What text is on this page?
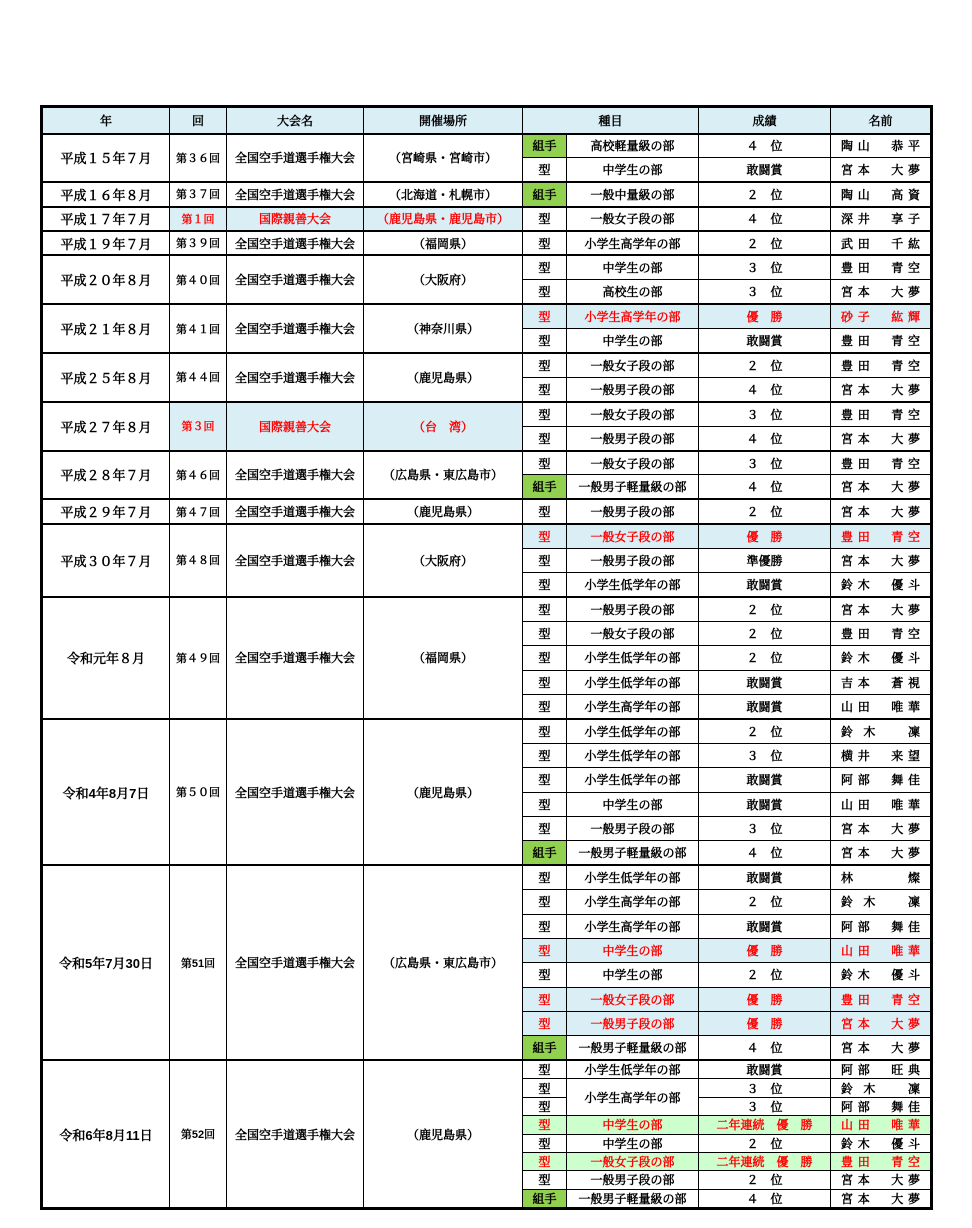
年	回	大会名	開催場所	種目		成績	名前
平成１５年７月	第３６回	全国空手道選手権大会	（宮崎県・宮崎市）	組手	高校軽量級の部	４　位	陶山　恭平
				型	中学生の部	敢闘賞	宮本　大夢
平成１６年８月	第３７回	全国空手道選手権大会	（北海道・札幌市）	組手	一般中量級の部	２　位	陶山　高資
平成１７年７月	第１回	国際親善大会	（鹿児島県・鹿児島市）	型	一般女子段の部	４　位	深井　享子
平成１９年７月	第３９回	全国空手道選手権大会	（福岡県）	型	小学生高学年の部	２　位	武田　千紘
平成２０年８月	第４０回	全国空手道選手権大会	（大阪府）	型	中学生の部	３　位	豊田　青空
				型	高校生の部	３　位	宮本　大夢
平成２１年８月	第４１回	全国空手道選手権大会	（神奈川県）	型	小学生高学年の部	優　勝	砂子　紘輝
				型	中学生の部	敢闘賞	豊田　青空
平成２５年８月	第４４回	全国空手道選手権大会	（鹿児島県）	型	一般女子段の部	２　位	豊田　青空
				型	一般男子段の部	４　位	宮本　大夢
平成２７年８月	第３回	国際親善大会	（台　湾）	型	一般女子段の部	３　位	豊田　青空
				型	一般男子段の部	４　位	宮本　大夢
平成２８年７月	第４６回	全国空手道選手権大会	（広島県・東広島市）	型	一般女子段の部	３　位	豊田　青空
				組手	一般男子軽量級の部	４　位	宮本　大夢
平成２９年７月	第４７回	全国空手道選手権大会	（鹿児島県）	型	一般男子段の部	２　位	宮本　大夢
平成３０年７月	第４８回	全国空手道選手権大会	（大阪府）	型	一般女子段の部	優　勝	豊田　青空
				型	一般男子段の部	準優勝	宮本　大夢
				型	小学生低学年の部	敢闘賞	鈴木　優斗
令和元年８月	第４９回	全国空手道選手権大会	（福岡県）	型	一般男子段の部	２　位	宮本　大夢
				型	一般女子段の部	２　位	豊田　青空
				型	小学生低学年の部	２　位	鈴木　優斗
				型	小学生低学年の部	敢闘賞	吉本　蒼視
				型	小学生高学年の部	敢闘賞	山田　唯華
令和4年8月7日	第５０回	全国空手道選手権大会	（鹿児島県）	型	小学生低学年の部	２　位	鈴木　凜
				型	小学生低学年の部	３　位	横井　来望
				型	小学生低学年の部	敢闘賞	阿部　舞佳
				型	中学生の部	敢闘賞	山田　唯華
				型	一般男子段の部	３　位	宮本　大夢
				組手	一般男子軽量級の部	４　位	宮本　大夢
令和5年7月30日	第51回	全国空手道選手権大会	（広島県・東広島市）	型	小学生低学年の部	敢闘賞	林　燦
				型	小学生高学年の部	２　位	鈴木　凜
				型	小学生高学年の部	敢闘賞	阿部　舞佳
				型	中学生の部	優　勝	山田　唯華
				型	中学生の部	２　位	鈴木　優斗
				型	一般女子段の部	優　勝	豊田　青空
				型	一般男子段の部	優　勝	宮本　大夢
				組手	一般男子軽量級の部	４　位	宮本　大夢
令和6年8月11日	第52回	全国空手道選手権大会	（鹿児島県）	型	小学生低学年の部	敢闘賞	阿部　旺典
				型	小学生高学年の部	３　位	鈴木　凜
				型		３　位	阿部　舞佳
				型	中学生の部	二年連続　優　勝	山田　唯華
				型	中学生の部	２　位	鈴木　優斗
				型	一般女子段の部	二年連続　優　勝	豊田　青空
				型	一般男子段の部	２　位	宮本　大夢
				組手	一般男子軽量級の部	４　位	宮本　大夢
